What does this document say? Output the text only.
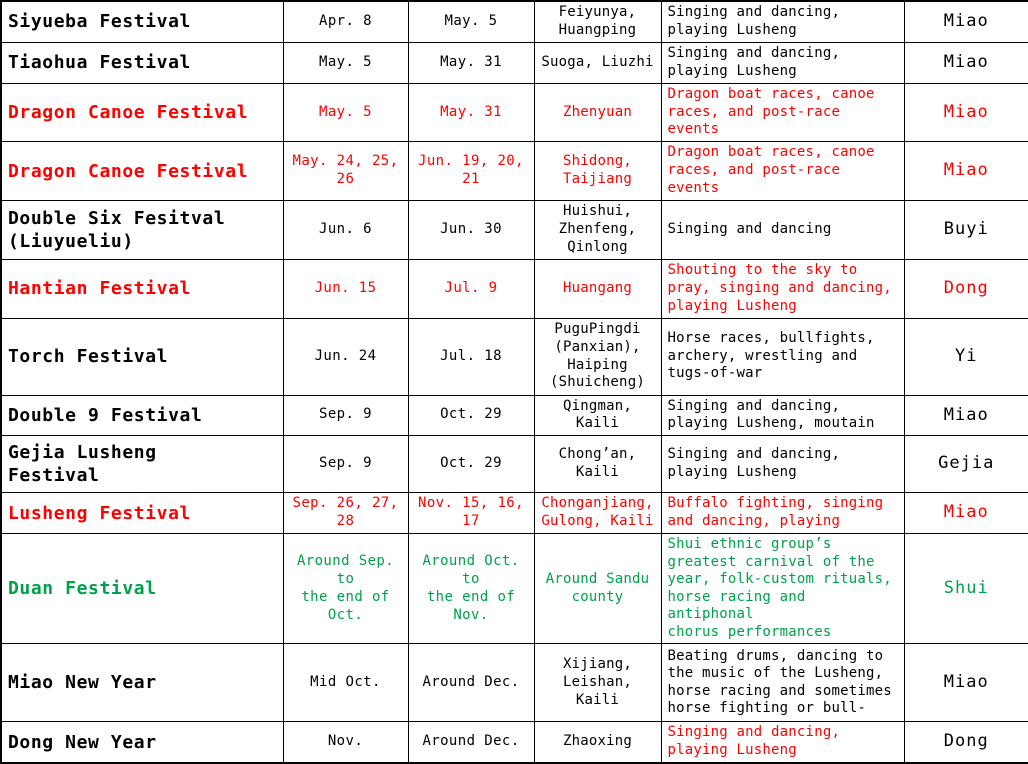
Siyueba Festival	Apr. 8	May. 5	Feiyunya,
Huangping	Singing and dancing,
playing Lusheng	Miao
Tiaohua Festival	May. 5	May. 31	Suoga, Liuzhi	Singing and dancing,
playing Lusheng	Miao
Dragon Canoe Festival	May. 5	May. 31	Zhenyuan	Dragon boat races, canoe
races, and post-race events	Miao
Dragon Canoe Festival	May. 24, 25, 26	Jun. 19, 20, 21	Shidong,
Taijiang	Dragon boat races, canoe
races, and post-race events	Miao
Double Six Fesitval
(Liuyueliu)	Jun. 6	Jun. 30	Huishui,
Zhenfeng,
Qinlong	Singing and dancing	Buyi
Hantian Festival	Jun. 15	Jul. 9	Huangang	Shouting to the sky to
pray, singing and dancing,
playing Lusheng	Dong
Torch Festival	Jun. 24	Jul. 18	PuguPingdi
(Panxian),
Haiping
(Shuicheng)	Horse races, bullfights,
archery, wrestling and
tugs-of-war	Yi
Double 9 Festival	Sep. 9	Oct. 29	Qingman, Kaili	Singing and dancing,
playing Lusheng, moutain	Miao
Gejia Lusheng
Festival	Sep. 9	Oct. 29	Chong’an, Kaili	Singing and dancing,
playing Lusheng	Gejia
Lusheng Festival	Sep. 26, 27, 28	Nov. 15, 16, 17	Chonganjiang,
Gulong, Kaili	Buffalo fighting, singing
and dancing, playing	Miao
Duan Festival	Around Sep. to
the end of Oct.	Around Oct. to
the end of Nov.	Around Sandu
county	Shui ethnic group’s
greatest carnival of the
year, folk-custom rituals,
horse racing and antiphonal
chorus performances	Shui
Miao New Year	Mid Oct.	Around Dec.	Xijiang,
Leishan, Kaili	Beating drums, dancing to
the music of the Lusheng,
horse racing and sometimes
horse fighting or bull-	Miao
Dong New Year	Nov.	Around Dec.	Zhaoxing	Singing and dancing,
playing Lusheng	Dong
